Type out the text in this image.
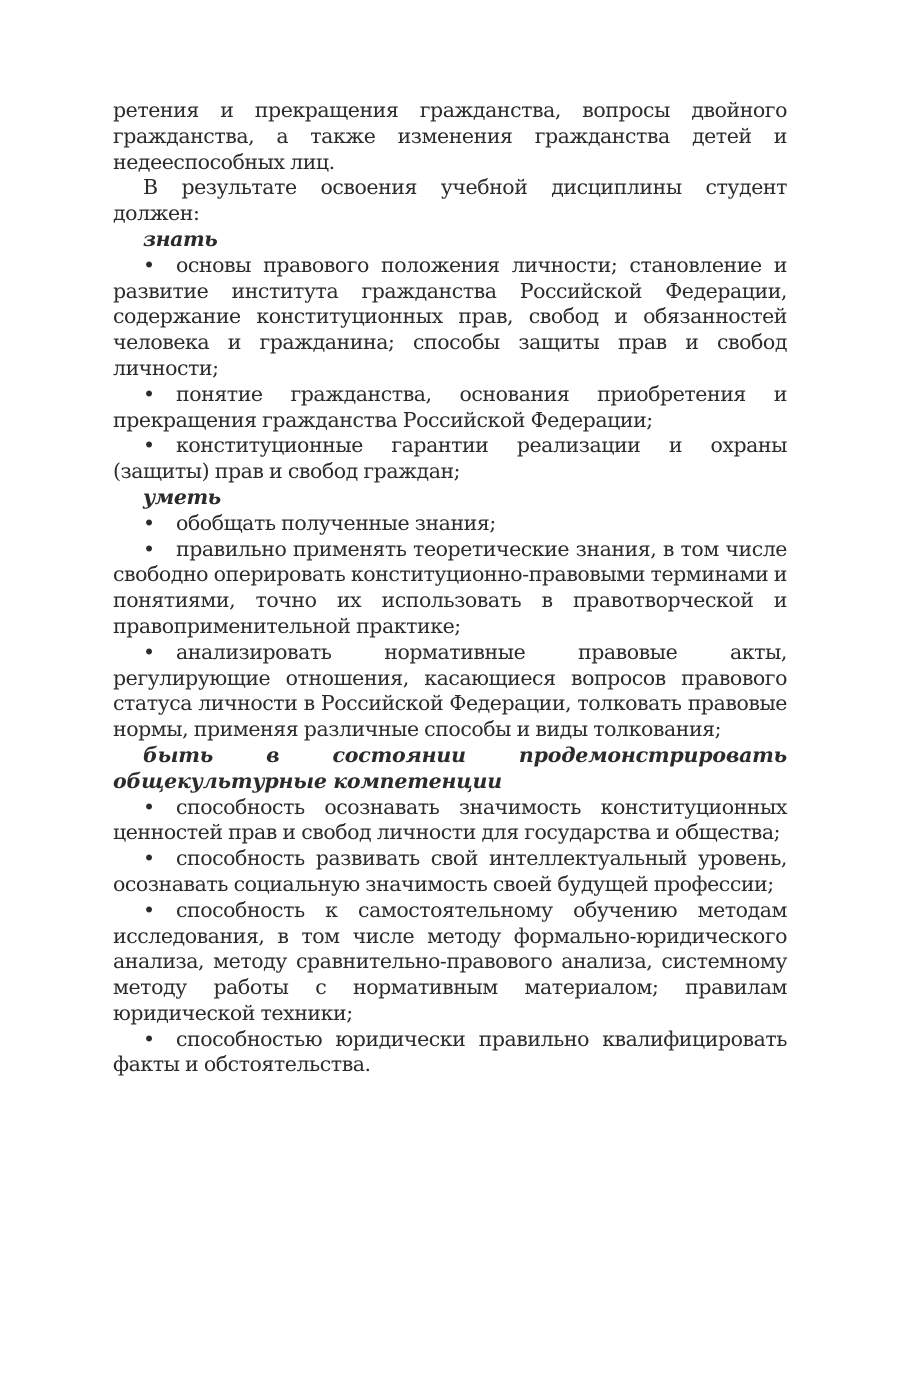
ретения и прекращения гражданства, вопросы двойного гражданства, а также изменения гражданства детей и недееспособных лиц.

В результате освоения учебной дисциплины студент должен:

знать

• основы правового положения личности; становление и развитие института гражданства Российской Федерации, содержание конституционных прав, свобод и обязанностей человека и гражданина; способы защиты прав и свобод личности;

• понятие гражданства, основания приобретения и прекращения гражданства Российской Федерации;

• конституционные гарантии реализации и охраны (защиты) прав и свобод граждан;

уметь

• обобщать полученные знания;

• правильно применять теоретические знания, в том числе свободно оперировать конституционно-правовыми терминами и понятиями, точно их использовать в правотворческой и правоприменительной практике;

• анализировать нормативные правовые акты, регулирующие отношения, касающиеся вопросов правового статуса личности в Российской Федерации, толковать правовые нормы, применяя различные способы и виды толкования;

быть в состоянии продемонстрировать общекультурные компетенции

• способность осознавать значимость конституционных ценностей прав и свобод личности для государства и общества;

• способность развивать свой интеллектуальный уровень, осознавать социальную значимость своей будущей профессии;

• способность к самостоятельному обучению методам исследования, в том числе методу формально-юридического анализа, методу сравнительно-правового анализа, системному методу работы с нормативным материалом; правилам юридической техники;

• способностью юридически правильно квалифицировать факты и обстоятельства.
